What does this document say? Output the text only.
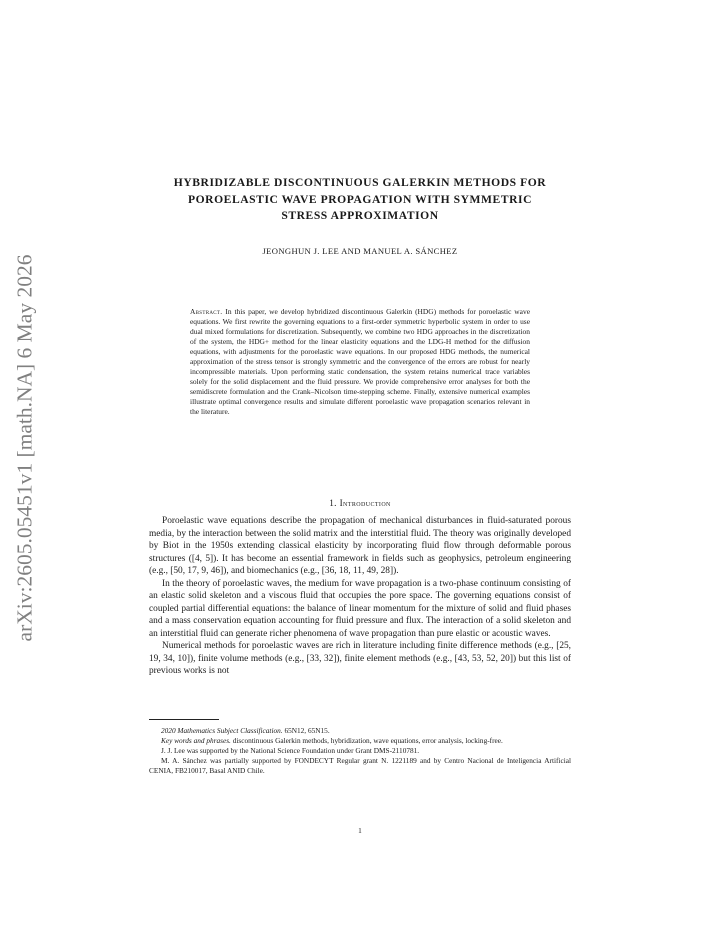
arXiv:2605.05451v1 [math.NA] 6 May 2026
HYBRIDIZABLE DISCONTINUOUS GALERKIN METHODS FOR
POROELASTIC WAVE PROPAGATION WITH SYMMETRIC
STRESS APPROXIMATION
JEONGHUN J. LEE AND MANUEL A. SÁNCHEZ
Abstract. In this paper, we develop hybridized discontinuous Galerkin (HDG) methods for poroelastic wave equations. We first rewrite the governing equations to a first-order symmetric hyperbolic system in order to use dual mixed formulations for discretization. Subsequently, we combine two HDG approaches in the discretization of the system, the HDG+ method for the linear elasticity equations and the LDG-H method for the diffusion equations, with adjustments for the poroelastic wave equations. In our proposed HDG methods, the numerical approximation of the stress tensor is strongly symmetric and the convergence of the errors are robust for nearly incompressible materials. Upon performing static condensation, the system retains numerical trace variables solely for the solid displacement and the fluid pressure. We provide comprehensive error analyses for both the semidiscrete formulation and the Crank–Nicolson time-stepping scheme. Finally, extensive numerical examples illustrate optimal convergence results and simulate different poroelastic wave propagation scenarios relevant in the literature.
1. Introduction

Poroelastic wave equations describe the propagation of mechanical disturbances in fluid-saturated porous media, by the interaction between the solid matrix and the interstitial fluid. The theory was originally developed by Biot in the 1950s extending classical elasticity by incorporating fluid flow through deformable porous structures ([4, 5]). It has become an essential framework in fields such as geophysics, petroleum engineering (e.g., [50, 17, 9, 46]), and biomechanics (e.g., [36, 18, 11, 49, 28]).

In the theory of poroelastic waves, the medium for wave propagation is a two-phase continuum consisting of an elastic solid skeleton and a viscous fluid that occupies the pore space. The governing equations consist of coupled partial differential equations: the balance of linear momentum for the mixture of solid and fluid phases and a mass conservation equation accounting for fluid pressure and flux. The interaction of a solid skeleton and an interstitial fluid can generate richer phenomena of wave propagation than pure elastic or acoustic waves.

Numerical methods for poroelastic waves are rich in literature including finite difference methods (e.g., [25, 19, 34, 10]), finite volume methods (e.g., [33, 32]), finite element methods (e.g., [43, 53, 52, 20]) but this list of previous works is not

2020 Mathematics Subject Classification. 65N12, 65N15.

Key words and phrases. discontinuous Galerkin methods, hybridization, wave equations, error analysis, locking-free.

J. J. Lee was supported by the National Science Foundation under Grant DMS-2110781.

M. A. Sánchez was partially supported by FONDECYT Regular grant N. 1221189 and by Centro Nacional de Inteligencia Artificial CENIA, FB210017, Basal ANID Chile.

1
